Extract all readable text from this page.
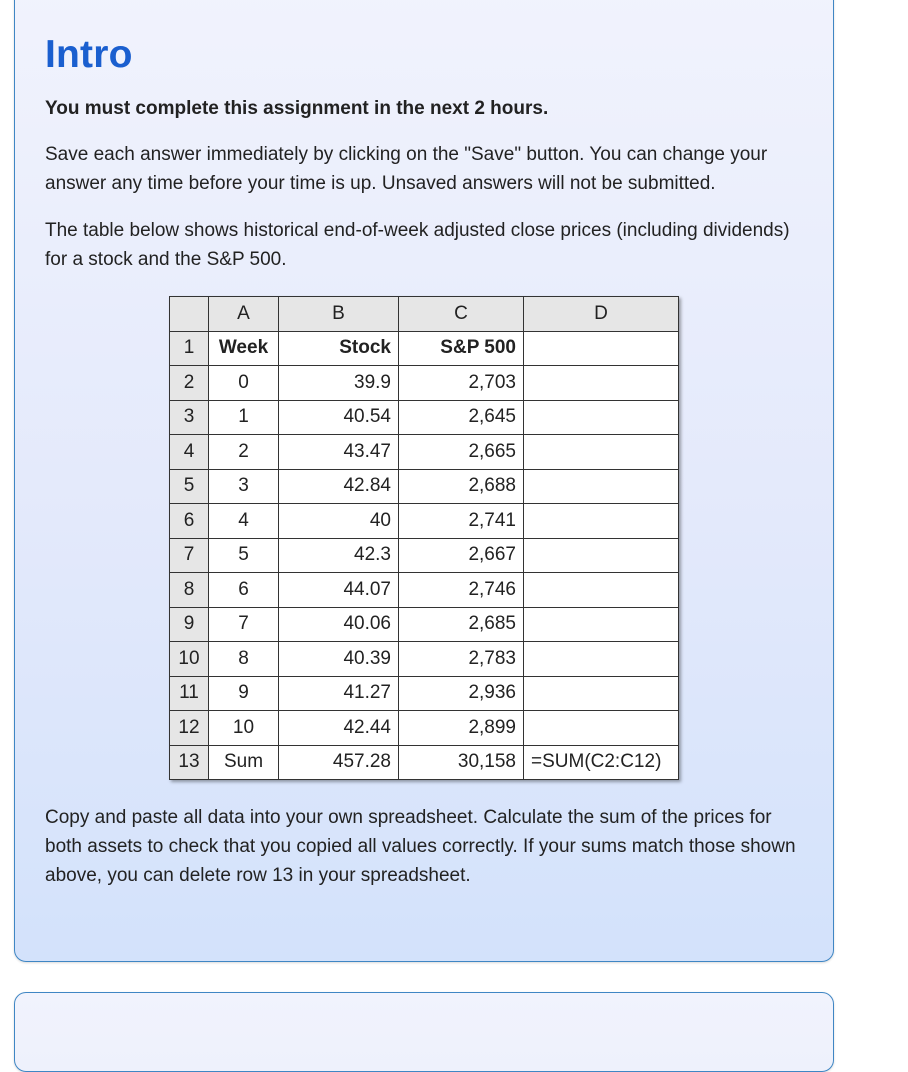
Intro
You must complete this assignment in the next 2 hours.

Save each answer immediately by clicking on the "Save" button. You can change your answer any time before your time is up. Unsaved answers will not be submitted.

The table below shows historical end-of-week adjusted close prices (including dividends) for a stock and the S&P 500.

	A	B	C	D
1	Week	Stock	S&P 500	
2	0	39.9	2,703	
3	1	40.54	2,645	
4	2	43.47	2,665	
5	3	42.84	2,688	
6	4	40	2,741	
7	5	42.3	2,667	
8	6	44.07	2,746	
9	7	40.06	2,685	
10	8	40.39	2,783	
11	9	41.27	2,936	
12	10	42.44	2,899	
13	Sum	457.28	30,158	=SUM(C2:C12)

Copy and paste all data into your own spreadsheet. Calculate the sum of the prices for both assets to check that you copied all values correctly. If your sums match those shown above, you can delete row 13 in your spreadsheet.
